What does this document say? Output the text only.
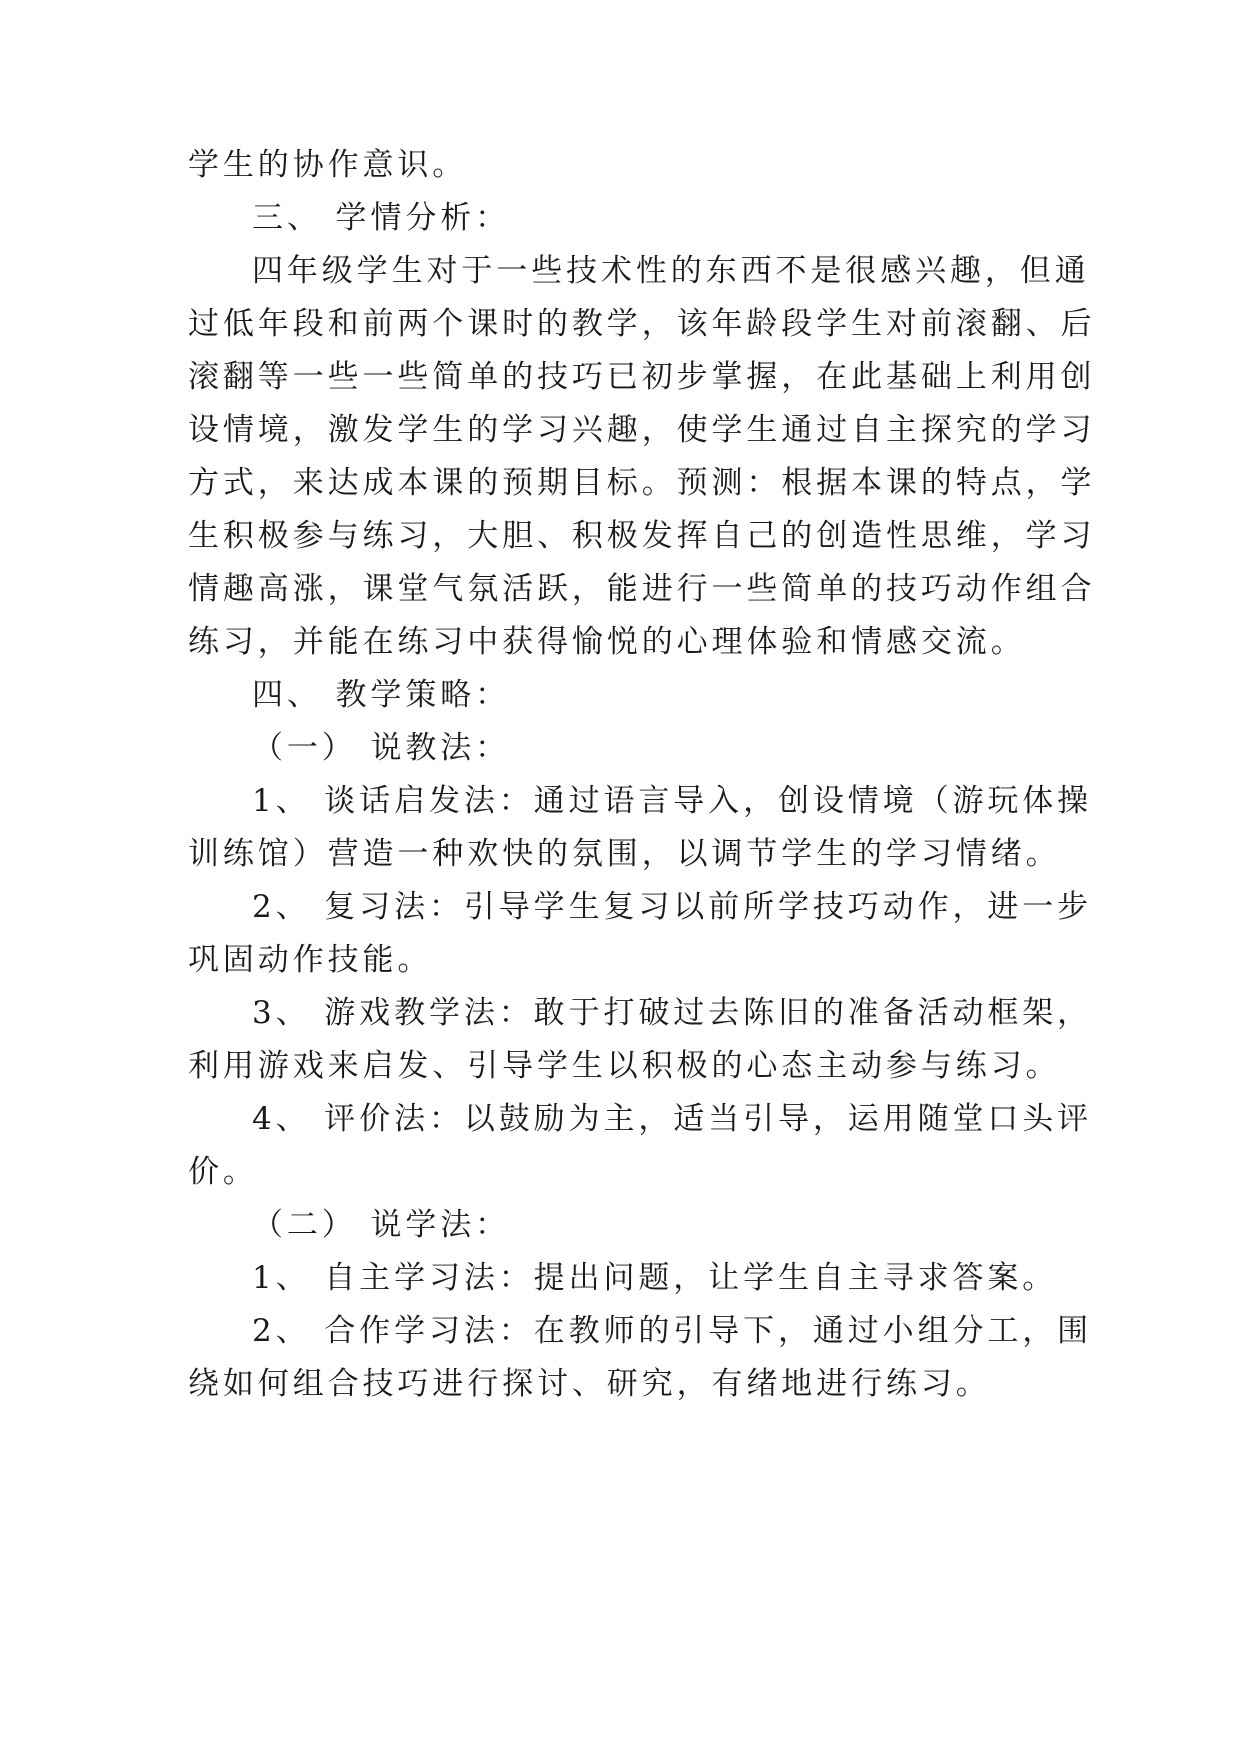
学生的协作意识。
三、 学情分析：
四年级学生对于一些技术性的东西不是很感兴趣，但通
过低年段和前两个课时的教学，该年龄段学生对前滚翻、后
滚翻等一些一些简单的技巧已初步掌握，在此基础上利用创
设情境，激发学生的学习兴趣，使学生通过自主探究的学习
方式，来达成本课的预期目标。预测：根据本课的特点，学
生积极参与练习，大胆、积极发挥自己的创造性思维，学习
情趣高涨，课堂气氛活跃，能进行一些简单的技巧动作组合
练习，并能在练习中获得愉悦的心理体验和情感交流。
四、 教学策略：
（一） 说教法：
1、 谈话启发法：通过语言导入，创设情境（游玩体操
训练馆）营造一种欢快的氛围，以调节学生的学习情绪。
2、 复习法：引导学生复习以前所学技巧动作，进一步
巩固动作技能。
3、 游戏教学法：敢于打破过去陈旧的准备活动框架，
利用游戏来启发、引导学生以积极的心态主动参与练习。
4、 评价法：以鼓励为主，适当引导，运用随堂口头评
价。
（二） 说学法：
1、 自主学习法：提出问题，让学生自主寻求答案。
2、 合作学习法：在教师的引导下，通过小组分工，围
绕如何组合技巧进行探讨、研究，有绪地进行练习。
